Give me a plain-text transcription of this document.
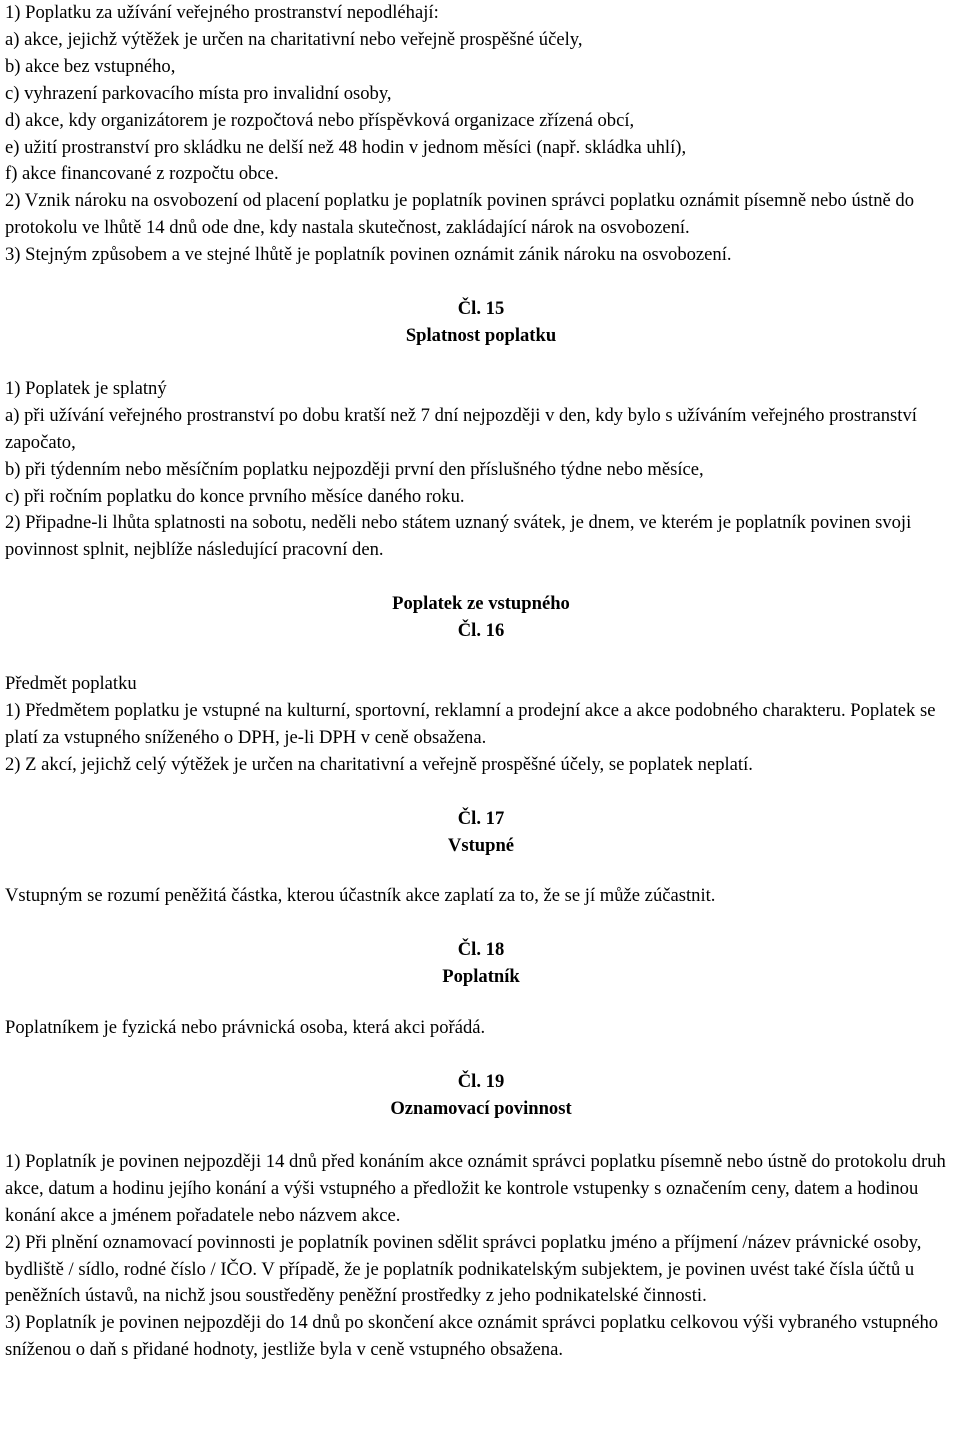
1) Poplatku za užívání veřejného prostranství nepodléhají:

a) akce, jejichž výtěžek je určen na charitativní nebo veřejně prospěšné účely,

b) akce bez vstupného,

c) vyhrazení parkovacího místa pro invalidní osoby,

d) akce, kdy organizátorem je rozpočtová nebo příspěvková organizace zřízená obcí,

e) užití prostranství pro skládku ne delší než 48 hodin v jednom měsíci (např. skládka uhlí),

f) akce financované z rozpočtu obce.

2) Vznik nároku na osvobození od placení poplatku je poplatník povinen správci poplatku oznámit písemně nebo ústně do protokolu ve lhůtě 14 dnů ode dne, kdy nastala skutečnost, zakládající nárok na osvobození.

3) Stejným způsobem a ve stejné lhůtě je poplatník povinen oznámit zánik nároku na osvobození.

Čl. 15

Splatnost poplatku

1) Poplatek je splatný

a) při užívání veřejného prostranství po dobu kratší než 7 dní nejpozději v den, kdy bylo s užíváním veřejného prostranství započato,

b) při týdenním nebo měsíčním poplatku nejpozději první den příslušného týdne nebo měsíce,

c) při ročním poplatku do konce prvního měsíce daného roku.

2) Připadne-li lhůta splatnosti na sobotu, neděli nebo státem uznaný svátek, je dnem, ve kterém je poplatník povinen svoji povinnost splnit, nejblíže následující pracovní den.

Poplatek ze vstupného

Čl. 16

Předmět poplatku

1) Předmětem poplatku je vstupné na kulturní, sportovní, reklamní a prodejní akce a akce podobného charakteru. Poplatek se platí za vstupného sníženého o DPH, je-li DPH v ceně obsažena.

2) Z akcí, jejichž celý výtěžek je určen na charitativní a veřejně prospěšné účely, se poplatek neplatí.

Čl. 17

Vstupné

Vstupným se rozumí peněžitá částka, kterou účastník akce zaplatí za to, že se jí může zúčastnit.

Čl. 18

Poplatník

Poplatníkem je fyzická nebo právnická osoba, která akci pořádá.

Čl. 19

Oznamovací povinnost

1) Poplatník je povinen nejpozději 14 dnů před konáním akce oznámit správci poplatku písemně nebo ústně do protokolu druh akce, datum a hodinu jejího konání a výši vstupného a předložit ke kontrole vstupenky s označením ceny, datem a hodinou konání akce a jménem pořadatele nebo názvem akce.

2) Při plnění oznamovací povinnosti je poplatník povinen sdělit správci poplatku jméno a příjmení /název právnické osoby, bydliště / sídlo, rodné číslo / IČO. V případě, že je poplatník podnikatelským subjektem, je povinen uvést také čísla účtů u peněžních ústavů, na nichž jsou soustředěny peněžní prostředky z jeho podnikatelské činnosti.

3) Poplatník je povinen nejpozději do 14 dnů po skončení akce oznámit správci poplatku celkovou výši vybraného vstupného sníženou o daň s přidané hodnoty, jestliže byla v ceně vstupného obsažena.
